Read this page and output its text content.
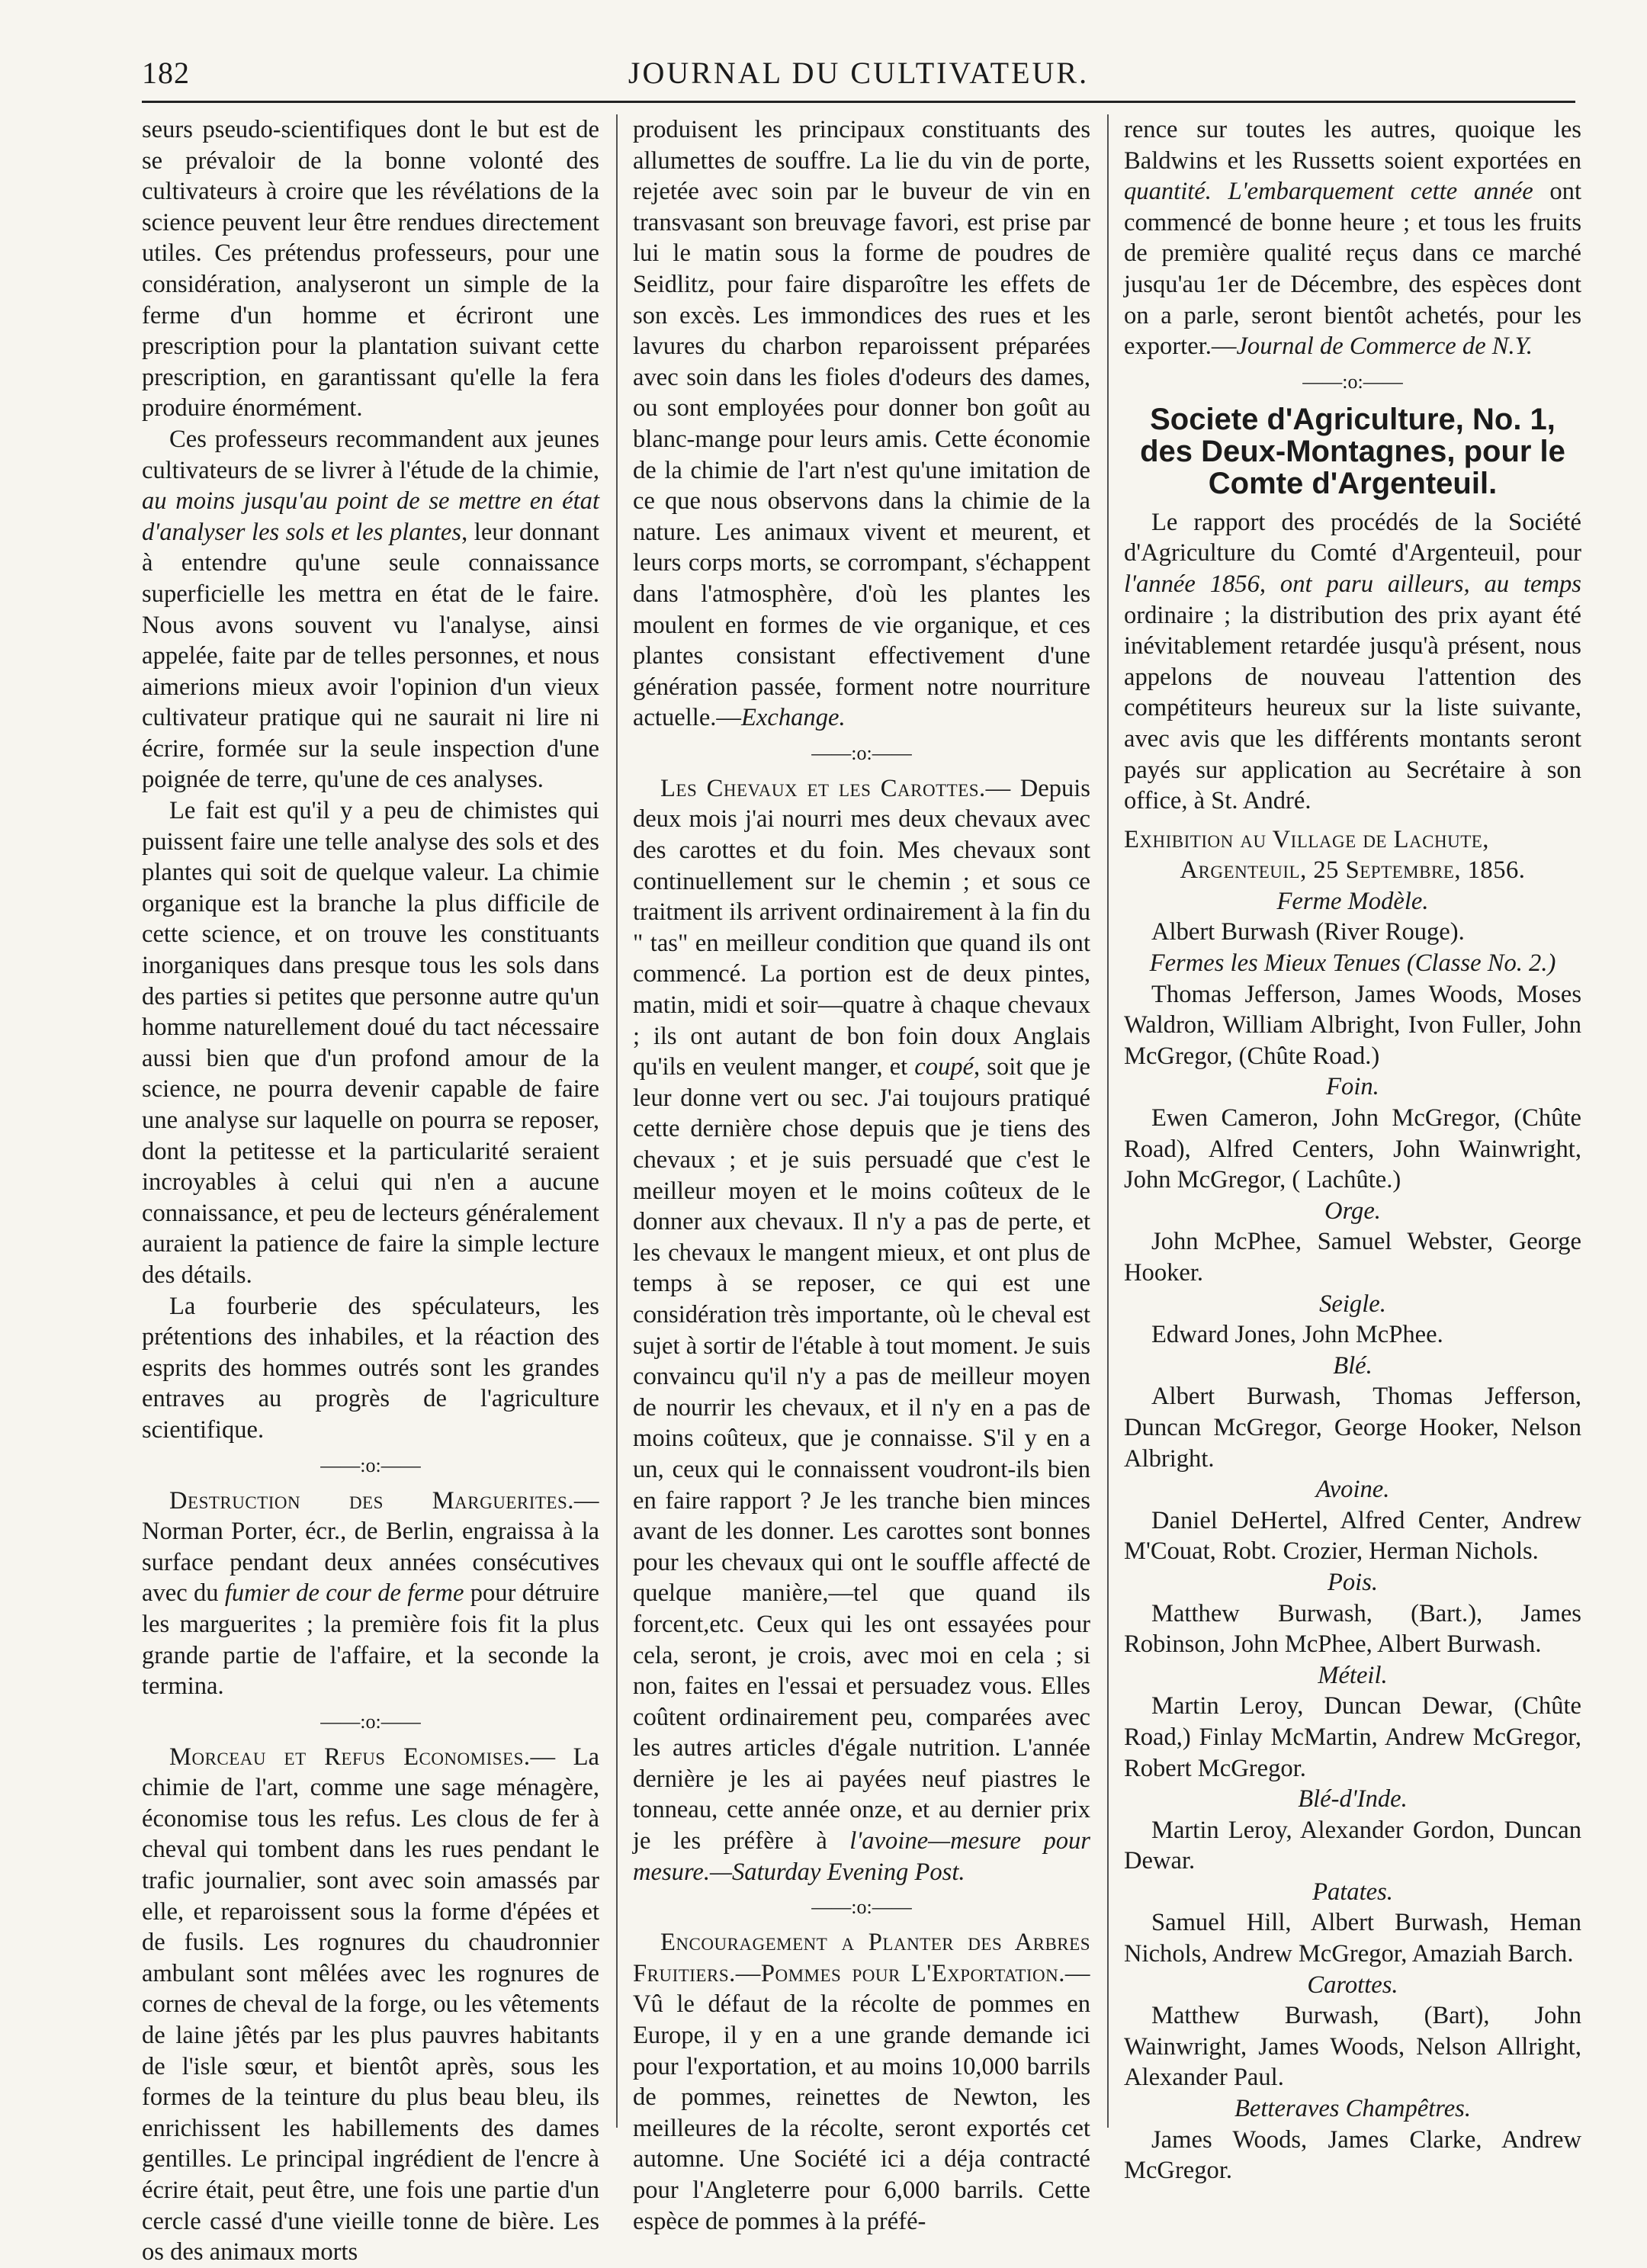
182	JOURNAL DU CULTIVATEUR.

seurs pseudo-scientifiques dont le but est de se prévaloir de la bonne volonté des cultivateurs à croire que les révélations de la science peuvent leur être rendues directement utiles. Ces prétendus professeurs, pour une considération, analyseront un simple de la ferme d'un homme et écriront une prescription pour la plantation suivant cette prescription, en garantissant qu'elle la fera produire énormément.

Ces professeurs recommandent aux jeunes cultivateurs de se livrer à l'étude de la chimie, au moins jusqu'au point de se mettre en état d'analyser les sols et les plantes, leur donnant à entendre qu'une seule connaissance superficielle les mettra en état de le faire. Nous avons souvent vu l'analyse, ainsi appelée, faite par de telles personnes, et nous aimerions mieux avoir l'opinion d'un vieux cultivateur pratique qui ne saurait ni lire ni écrire, formée sur la seule inspection d'une poignée de terre, qu'une de ces analyses.

Le fait est qu'il y a peu de chimistes qui puissent faire une telle analyse des sols et des plantes qui soit de quelque valeur. La chimie organique est la branche la plus difficile de cette science, et on trouve les constituants inorganiques dans presque tous les sols dans des parties si petites que personne autre qu'un homme naturellement doué du tact nécessaire aussi bien que d'un profond amour de la science, ne pourra devenir capable de faire une analyse sur laquelle on pourra se reposer, dont la petitesse et la particularité seraient incroyables à celui qui n'en a aucune connaissance, et peu de lecteurs généralement auraient la patience de faire la simple lecture des détails.

La fourberie des spéculateurs, les prétentions des inhabiles, et la réaction des esprits des hommes outrés sont les grandes entraves au progrès de l'agriculture scientifique.

——:o:——

Destruction des Marguerites.— Norman Porter, écr., de Berlin, engraissa à la surface pendant deux années consécutives avec du fumier de cour de ferme pour détruire les marguerites ; la première fois fit la plus grande partie de l'affaire, et la seconde la termina.

——:o:——

Morceau et Refus Economises.— La chimie de l'art, comme une sage ménagère, économise tous les refus. Les clous de fer à cheval qui tombent dans les rues pendant le trafic journalier, sont avec soin amassés par elle, et reparoissent sous la forme d'épées et de fusils. Les rognures du chaudronnier ambulant sont mêlées avec les rognures de cornes de cheval de la forge, ou les vêtements de laine jêtés par les plus pauvres habitants de l'isle sœur, et bientôt après, sous les formes de la teinture du plus beau bleu, ils enrichissent les habillements des dames gentilles. Le principal ingrédient de l'encre à écrire était, peut être, une fois une partie d'un cercle cassé d'une vieille tonne de bière. Les os des animaux morts

produisent les principaux constituants des allumettes de souffre. La lie du vin de porte, rejetée avec soin par le buveur de vin en transvasant son breuvage favori, est prise par lui le matin sous la forme de poudres de Seidlitz, pour faire disparoître les effets de son excès. Les immondices des rues et les lavures du charbon reparoissent préparées avec soin dans les fioles d'odeurs des dames, ou sont employées pour donner bon goût au blanc-mange pour leurs amis. Cette économie de la chimie de l'art n'est qu'une imitation de ce que nous observons dans la chimie de la nature. Les animaux vivent et meurent, et leurs corps morts, se corrompant, s'échappent dans l'atmosphère, d'où les plantes les moulent en formes de vie organique, et ces plantes consistant effectivement d'une génération passée, forment notre nourriture actuelle.—Exchange.

——:o:——

Les Chevaux et les Carottes.— Depuis deux mois j'ai nourri mes deux chevaux avec des carottes et du foin. Mes chevaux sont continuellement sur le chemin ; et sous ce traitment ils arrivent ordinairement à la fin du " tas" en meilleur condition que quand ils ont commencé. La portion est de deux pintes, matin, midi et soir—quatre à chaque chevaux ; ils ont autant de bon foin doux Anglais qu'ils en veulent manger, et coupé, soit que je leur donne vert ou sec. J'ai toujours pratiqué cette dernière chose depuis que je tiens des chevaux ; et je suis persuadé que c'est le meilleur moyen et le moins coûteux de le donner aux chevaux. Il n'y a pas de perte, et les chevaux le mangent mieux, et ont plus de temps à se reposer, ce qui est une considération très importante, où le cheval est sujet à sortir de l'étable à tout moment. Je suis convaincu qu'il n'y a pas de meilleur moyen de nourrir les chevaux, et il n'y en a pas de moins coûteux, que je connaisse. S'il y en a un, ceux qui le connaissent voudront-ils bien en faire rapport ? Je les tranche bien minces avant de les donner. Les carottes sont bonnes pour les chevaux qui ont le souffle affecté de quelque manière,—tel que quand ils forcent,etc. Ceux qui les ont essayées pour cela, seront, je crois, avec moi en cela ; si non, faites en l'essai et persuadez vous. Elles coûtent ordinairement peu, comparées avec les autres articles d'égale nutrition. L'année dernière je les ai payées neuf piastres le tonneau, cette année onze, et au dernier prix je les préfère à l'avoine—mesure pour mesure.—Saturday Evening Post.

——:o:——

Encouragement a Planter des Arbres Fruitiers.—Pommes pour L'Exportation.— Vû le défaut de la récolte de pommes en Europe, il y en a une grande demande ici pour l'exportation, et au moins 10,000 barrils de pommes, reinettes de Newton, les meilleures de la récolte, seront exportés cet automne. Une Société ici a déja contracté pour l'Angleterre pour 6,000 barrils. Cette espèce de pommes à la préfé-

rence sur toutes les autres, quoique les Baldwins et les Russetts soient exportées en quantité. L'embarquement cette année ont commencé de bonne heure ; et tous les fruits de première qualité reçus dans ce marché jusqu'au 1er de Décembre, des espèces dont on a parle, seront bientôt achetés, pour les exporter.—Journal de Commerce de N.Y.

——:o:——
Societe d'Agriculture, No. 1, des Deux-Montagnes, pour le Comte d'Argenteuil.

Le rapport des procédés de la Société d'Agriculture du Comté d'Argenteuil, pour l'année 1856, ont paru ailleurs, au temps ordinaire ; la distribution des prix ayant été inévitablement retardée jusqu'à présent, nous appelons de nouveau l'attention des compétiteurs heureux sur la liste suivante, avec avis que les différents montants seront payés sur application au Secrétaire à son office, à St. André.

Exhibition au Village de Lachute,

Argenteuil, 25 Septembre, 1856.

Ferme Modèle.

Albert Burwash (River Rouge).

Fermes les Mieux Tenues (Classe No. 2.)

Thomas Jefferson, James Woods, Moses Waldron, William Albright, Ivon Fuller, John McGregor, (Chûte Road.)

Foin.

Ewen Cameron, John McGregor, (Chûte Road), Alfred Centers, John Wainwright, John McGregor, ( Lachûte.)

Orge.

John McPhee, Samuel Webster, George Hooker.

Seigle.

Edward Jones, John McPhee.

Blé.

Albert Burwash, Thomas Jefferson, Duncan McGregor, George Hooker, Nelson Albright.

Avoine.

Daniel DeHertel, Alfred Center, Andrew M'Couat, Robt. Crozier, Herman Nichols.

Pois.

Matthew Burwash, (Bart.), James Robinson, John McPhee, Albert Burwash.

Méteil.

Martin Leroy, Duncan Dewar, (Chûte Road,) Finlay McMartin, Andrew McGregor, Robert McGregor.

Blé-d'Inde.

Martin Leroy, Alexander Gordon, Duncan Dewar.

Patates.

Samuel Hill, Albert Burwash, Heman Nichols, Andrew McGregor, Amaziah Barch.

Carottes.

Matthew Burwash, (Bart), John Wainwright, James Woods, Nelson Allright, Alexander Paul.

Betteraves Champêtres.

James Woods, James Clarke, Andrew McGregor.
